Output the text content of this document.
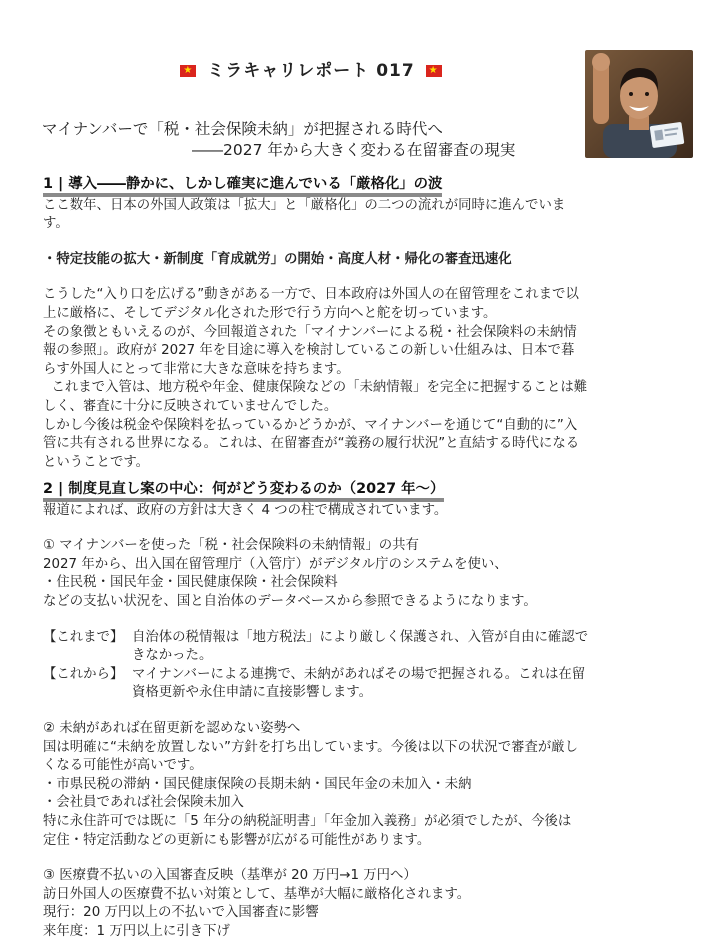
★ ミラキャリレポート 017	★
マイナンバーで「税・社会保険未納」が把握される時代へ
――2027 年から大きく変わる在留審査の現実
1 | 導入――静かに、しかし確実に進んでいる「厳格化」の波

ここ数年、日本の外国人政策は「拡大」と「厳格化」の二つの流れが同時に進んでいま

す。

・特定技能の拡大・新制度「育成就労」の開始・高度人材・帰化の審査迅速化

こうした“入り口を広げる”動きがある一方で、日本政府は外国人の在留管理をこれまで以

上に厳格に、そしてデジタル化された形で行う方向へと舵を切っています。

その象徴ともいえるのが、今回報道された「マイナンバーによる税・社会保険料の未納情

報の参照」。政府が 2027 年を目途に導入を検討しているこの新しい仕組みは、日本で暮

らす外国人にとって非常に大きな意味を持ちます。

これまで入管は、地方税や年金、健康保険などの「未納情報」を完全に把握することは難

しく、審査に十分に反映されていませんでした。

しかし今後は税金や保険料を払っているかどうかが、マイナンバーを通じて“自動的に”入

管に共有される世界になる。これは、在留審査が“義務の履行状況”と直結する時代になる

ということです。

2 | 制度見直し案の中心：何がどう変わるのか（2027 年〜）

報道によれば、政府の方針は大きく 4 つの柱で構成されています。

① マイナンバーを使った「税・社会保険料の未納情報」の共有

2027 年から、出入国在留管理庁（入管庁）がデジタル庁のシステムを使い、

・住民税・国民年金・国民健康保険・社会保険料

などの支払い状況を、国と自治体のデータベースから参照できるようになります。

【これまで】 自治体の税情報は「地方税法」により厳しく保護され、入管が自由に確認で

きなかった。

【これから】 マイナンバーによる連携で、未納があればその場で把握される。これは在留

資格更新や永住申請に直接影響します。

② 未納があれば在留更新を認めない姿勢へ

国は明確に“未納を放置しない”方針を打ち出しています。今後は以下の状況で審査が厳し

くなる可能性が高いです。

・市県民税の滞納・国民健康保険の長期未納・国民年金の未加入・未納

・会社員であれば社会保険未加入

特に永住許可では既に「5 年分の納税証明書」「年金加入義務」が必須でしたが、今後は

定住・特定活動などの更新にも影響が広がる可能性があります。

③ 医療費不払いの入国審査反映（基準が 20 万円→1 万円へ）

訪日外国人の医療費不払い対策として、基準が大幅に厳格化されます。

現行：20 万円以上の不払いで入国審査に影響

来年度：1 万円以上に引き下げ
